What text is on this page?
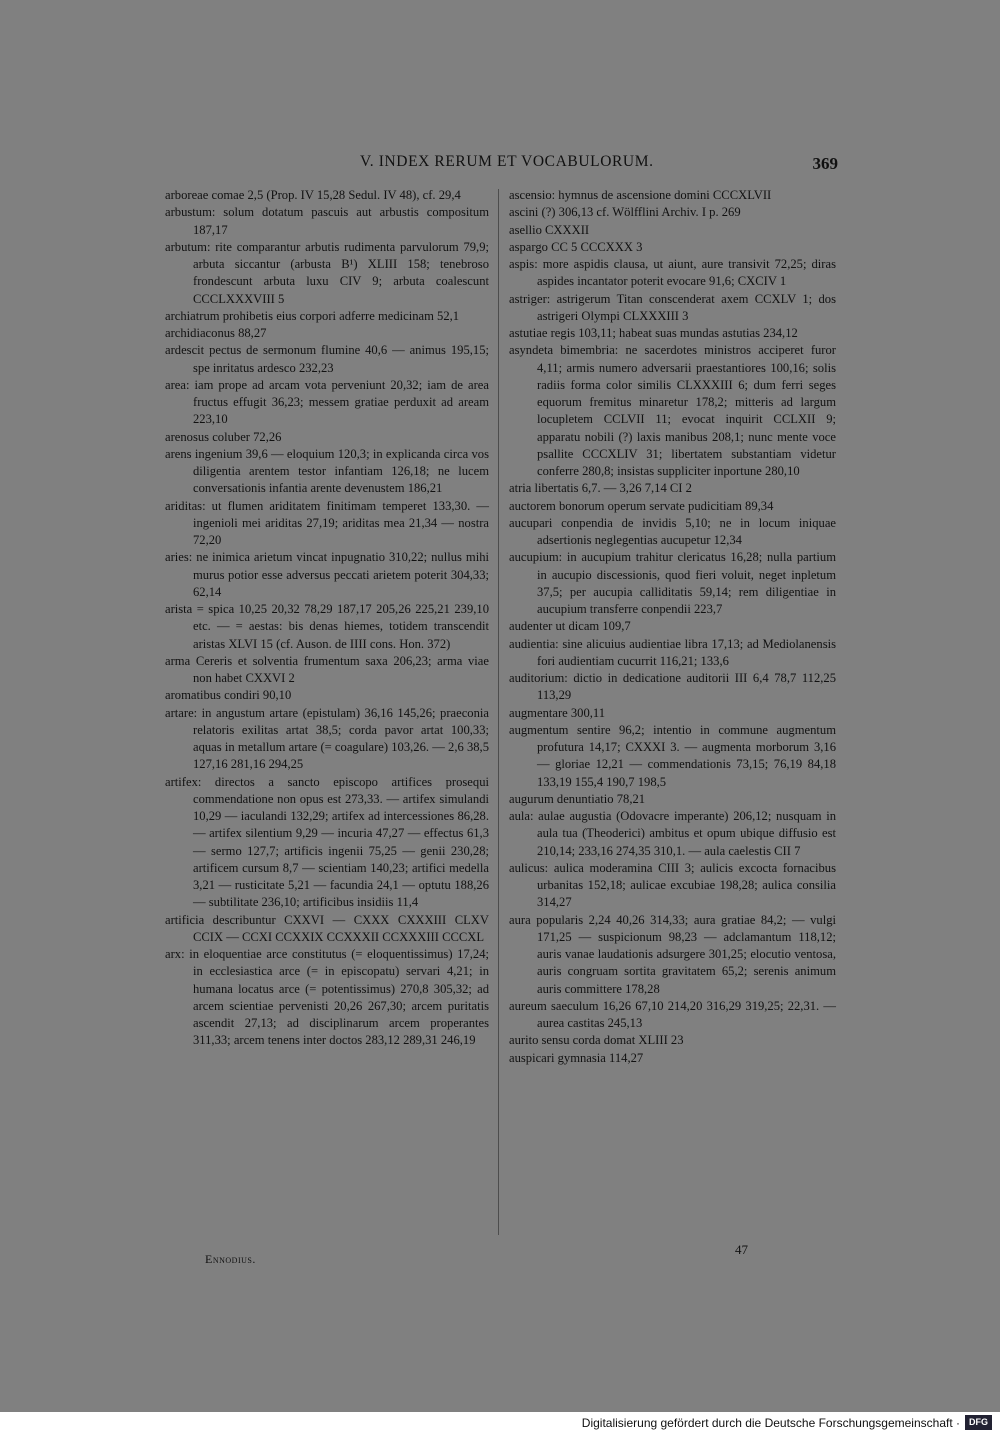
V. INDEX RERUM ET VOCABULORUM.	369

arboreae comae 2,5 (Prop. IV 15,28 Sedul. IV 48), cf. 29,4

arbustum: solum dotatum pascuis aut arbustis compositum 187,17

arbutum: rite comparantur arbutis rudimenta parvulorum 79,9; arbuta siccantur (arbusta B¹) XLIII 158; tenebroso frondescunt arbuta luxu CIV 9; arbuta coalescunt CCCLXXXVIII 5

archiatrum prohibetis eius corpori adferre medicinam 52,1

archidiaconus 88,27

ardescit pectus de sermonum flumine 40,6 — animus 195,15; spe inritatus ardesco 232,23

area: iam prope ad arcam vota perveniunt 20,32; iam de area fructus effugit 36,23; messem gratiae perduxit ad aream 223,10

arenosus coluber 72,26

arens ingenium 39,6 — eloquium 120,3; in explicanda circa vos diligentia arentem testor infantiam 126,18; ne lucem conversationis infantia arente devenustem 186,21

ariditas: ut flumen ariditatem finitimam temperet 133,30. — ingenioli mei ariditas 27,19; ariditas mea 21,34 — nostra 72,20

aries: ne inimica arietum vincat inpugnatio 310,22; nullus mihi murus potior esse adversus peccati arietem poterit 304,33; 62,14

arista = spica 10,25 20,32 78,29 187,17 205,26 225,21 239,10 etc. — = aestas: bis denas hiemes, totidem transcendit aristas XLVI 15 (cf. Auson. de IIII cons. Hon. 372)

arma Cereris et solventia frumentum saxa 206,23; arma viae non habet CXXVI 2

aromatibus condiri 90,10

artare: in angustum artare (epistulam) 36,16 145,26; praeconia relatoris exilitas artat 38,5; corda pavor artat 100,33; aquas in metallum artare (= coagulare) 103,26. — 2,6 38,5 127,16 281,16 294,25

artifex: directos a sancto episcopo artifices prosequi commendatione non opus est 273,33. — artifex simulandi 10,29 — iaculandi 132,29; artifex ad intercessiones 86,28. — artifex silentium 9,29 — incuria 47,27 — effectus 61,3 — sermo 127,7; artificis ingenii 75,25 — genii 230,28; artificem cursum 8,7 — scientiam 140,23; artifici medella 3,21 — rusticitate 5,21 — facundia 24,1 — optutu 188,26 — subtilitate 236,10; artificibus insidiis 11,4

artificia describuntur CXXVI — CXXX CXXXIII CLXV CCIX — CCXI CCXXIX CCXXXII CCXXXIII CCCXL

arx: in eloquentiae arce constitutus (= eloquentissimus) 17,24; in ecclesiastica arce (= in episcopatu) servari 4,21; in humana locatus arce (= potentissimus) 270,8 305,32; ad arcem scientiae pervenisti 20,26 267,30; arcem puritatis ascendit 27,13; ad disciplinarum arcem properantes 311,33; arcem tenens inter doctos 283,12 289,31 246,19

ascensio: hymnus de ascensione domini CCCXLVII

ascini (?) 306,13 cf. Wölfflini Archiv. I p. 269

asellio CXXXII

aspargo CC 5 CCCXXX 3

aspis: more aspidis clausa, ut aiunt, aure transivit 72,25; diras aspides incantator poterit evocare 91,6; CXCIV 1

astriger: astrigerum Titan conscenderat axem CCXLV 1; dos astrigeri Olympi CLXXXIII 3

astutiae regis 103,11; habeat suas mundas astutias 234,12

asyndeta bimembria: ne sacerdotes ministros acciperet furor 4,11; armis numero adversarii praestantiores 100,16; solis radiis forma color similis CLXXXIII 6; dum ferri seges equorum fremitus minaretur 178,2; mitteris ad largum locupletem CCLVII 11; evocat inquirit CCLXII 9; apparatu nobili (?) laxis manibus 208,1; nunc mente voce psallite CCCXLIV 31; libertatem substantiam videtur conferre 280,8; insistas suppliciter inportune 280,10

atria libertatis 6,7. — 3,26 7,14 CI 2

auctorem bonorum operum servate pudicitiam 89,34

aucupari conpendia de invidis 5,10; ne in locum iniquae adsertionis neglegentias aucupetur 12,34

aucupium: in aucupium trahitur clericatus 16,28; nulla partium in aucupio discessionis, quod fieri voluit, neget inpletum 37,5; per aucupia calliditatis 59,14; rem diligentiae in aucupium transferre conpendii 223,7

audenter ut dicam 109,7

audientia: sine alicuius audientiae libra 17,13; ad Mediolanensis fori audientiam cucurrit 116,21; 133,6

auditorium: dictio in dedicatione auditorii III 6,4 78,7 112,25 113,29

augmentare 300,11

augmentum sentire 96,2; intentio in commune augmentum profutura 14,17; CXXXI 3. — augmenta morborum 3,16 — gloriae 12,21 — commendationis 73,15; 76,19 84,18 133,19 155,4 190,7 198,5

augurum denuntiatio 78,21

aula: aulae augustia (Odovacre imperante) 206,12; nusquam in aula tua (Theoderici) ambitus et opum ubique diffusio est 210,14; 233,16 274,35 310,1. — aula caelestis CII 7

aulicus: aulica moderamina CIII 3; aulicis excocta fornacibus urbanitas 152,18; aulicae excubiae 198,28; aulica consilia 314,27

aura popularis 2,24 40,26 314,33; aura gratiae 84,2; — vulgi 171,25 — suspicionum 98,23 — adclamantum 118,12; auris vanae laudationis adsurgere 301,25; elocutio ventosa, auris congruam sortita gravitatem 65,2; serenis animum auris committere 178,28

aureum saeculum 16,26 67,10 214,20 316,29 319,25; 22,31. — aurea castitas 245,13

aurito sensu corda domat XLIII 23

auspicari gymnasia 114,27

Ennodius.
47
Digitalisierung gefördert durch die Deutsche Forschungsgemeinschaft ·	DFG
